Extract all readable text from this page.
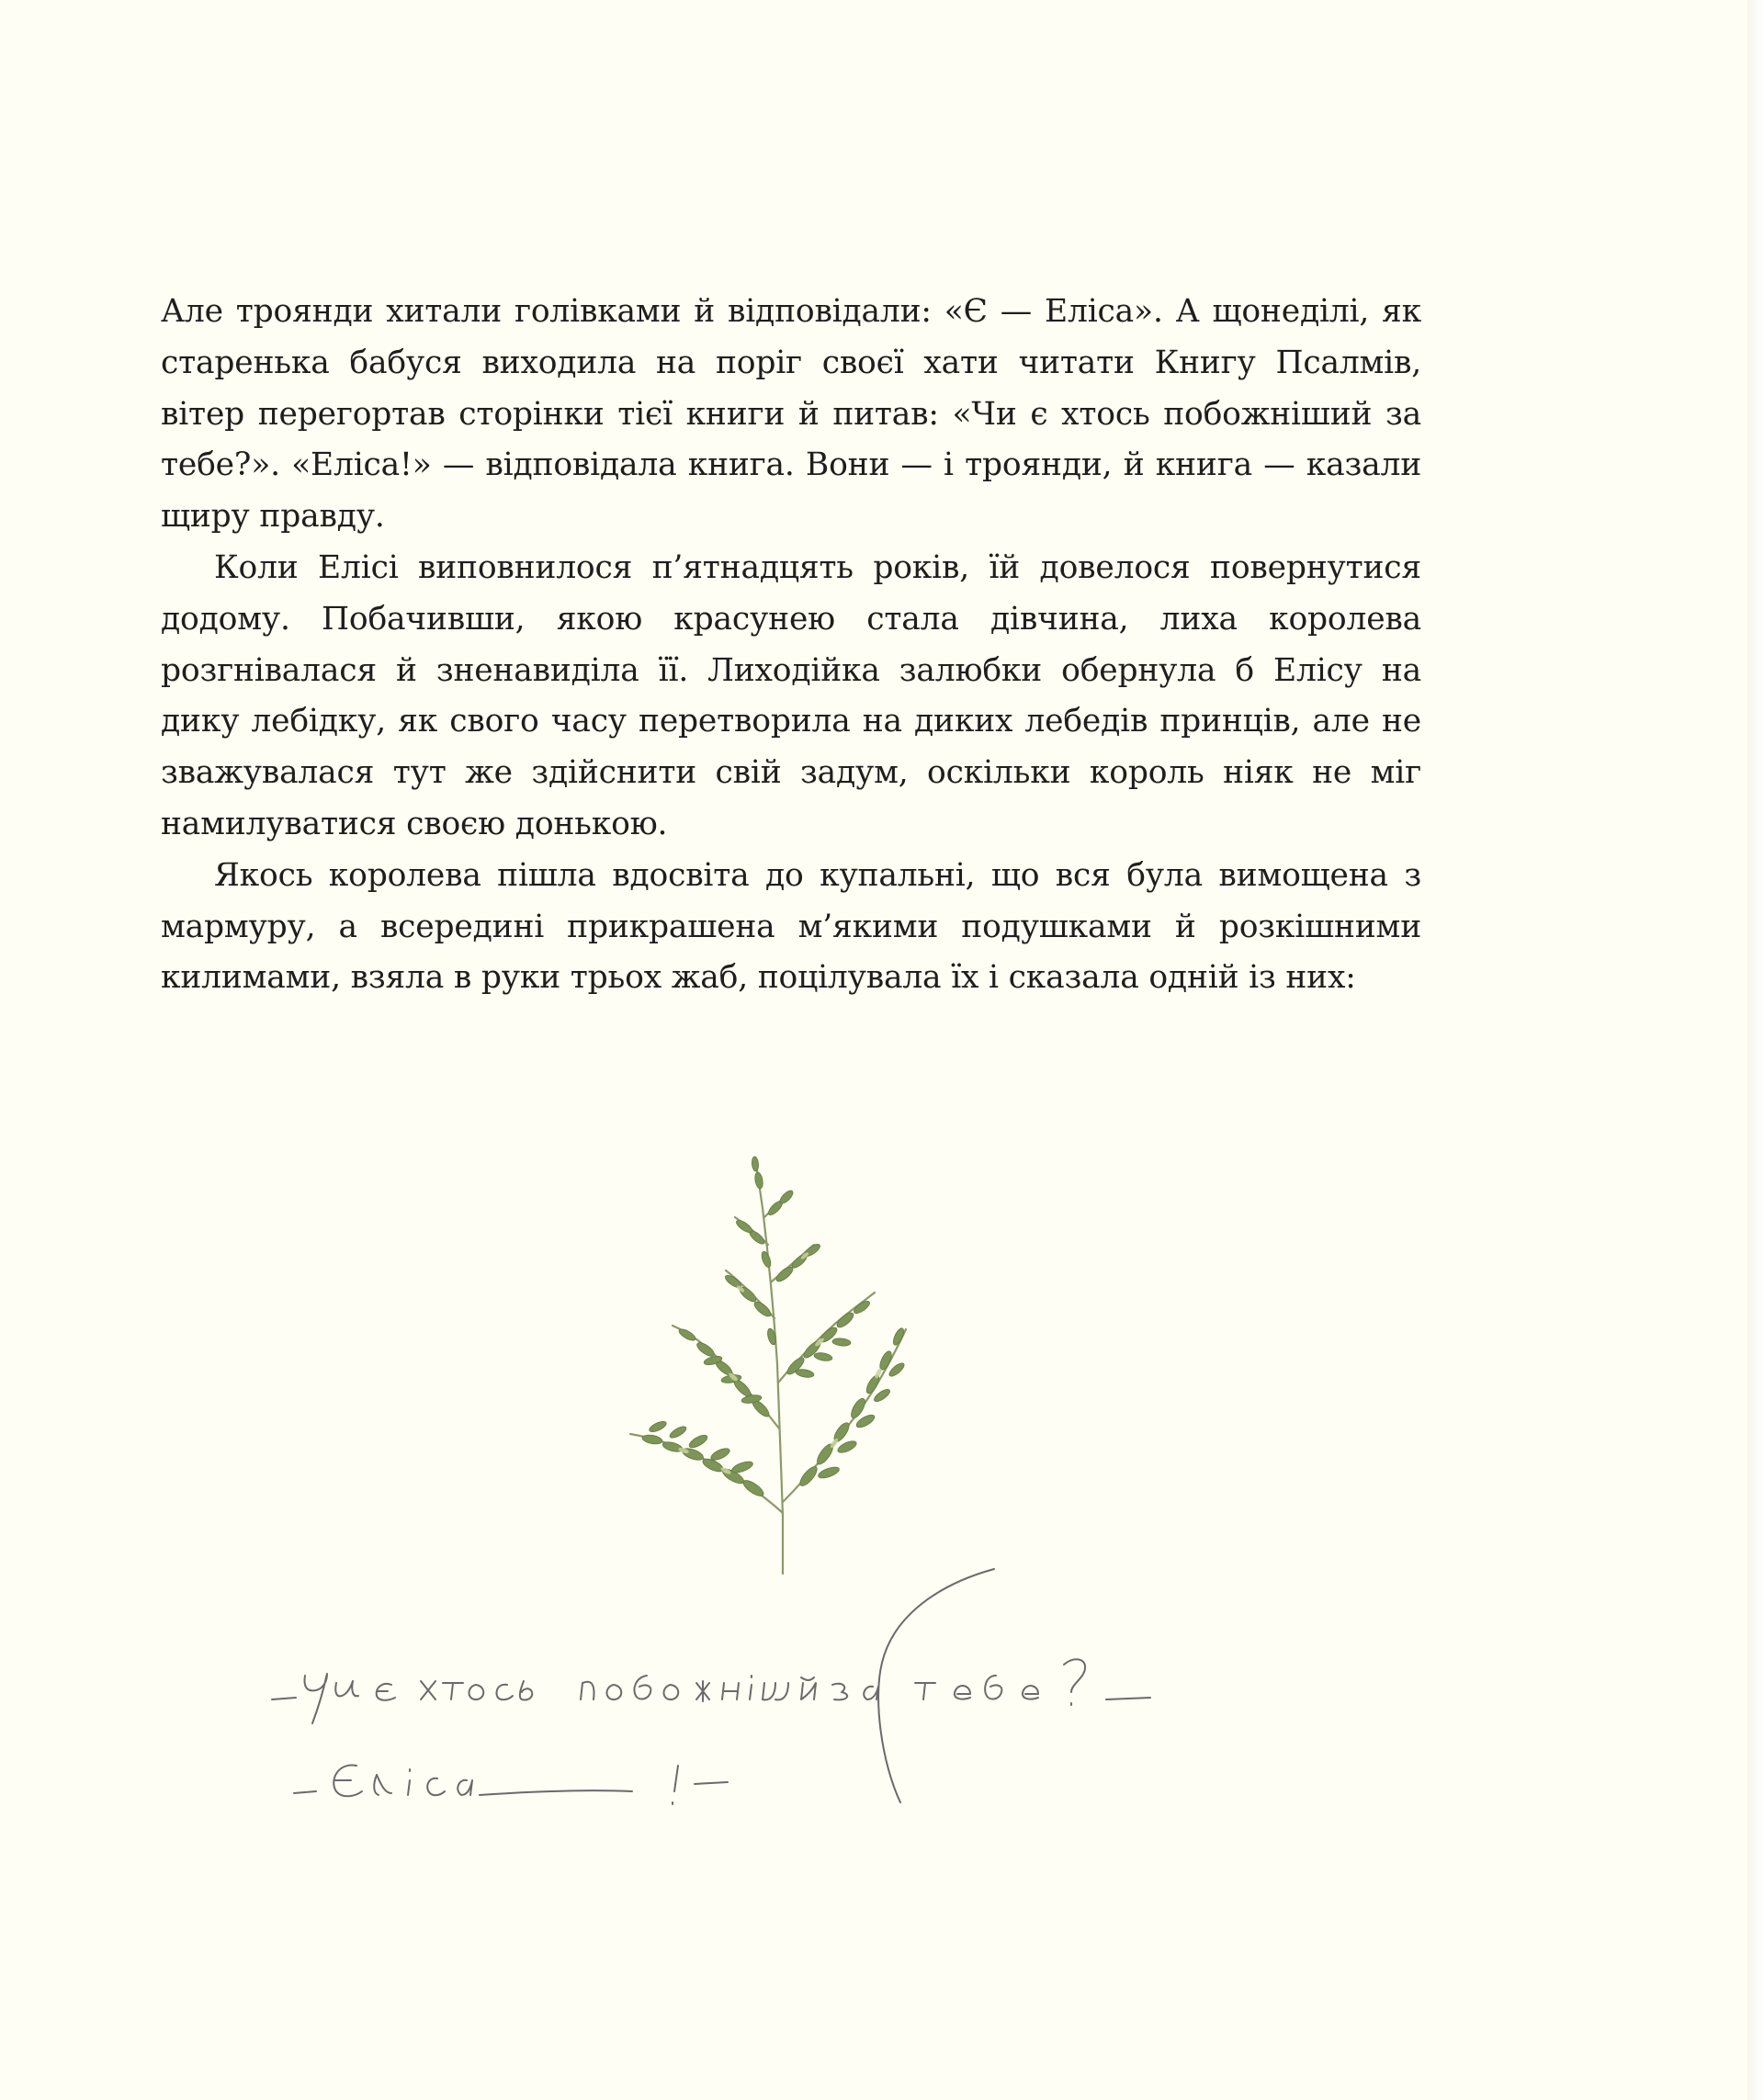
Але троянди хитали голівками й відповідали: «Є — Еліса». А щонеділі, як старенька бабуся виходила на поріг своєї хати читати Книгу Псалмів, вітер перегортав сторінки тієї книги й питав: «Чи є хтось побожніший за тебе?». «Еліса!» — відповідала книга. Вони — і троянди, й книга — казали щиру правду.

Коли Елісі виповнилося п’ятнадцять років, їй довелося повернутися додому. Побачивши, якою красунею стала дівчина, лиха королева розгнівалася й зненавиділа її. Лиходійка залюбки обернула б Елісу на дику лебідку, як свого часу перетворила на диких лебедів принців, але не зважувалася тут же здійснити свій задум, оскільки король ніяк не міг намилуватися своєю донькою.

Якось королева пішла вдосвіта до купальні, що вся була вимощена з мармуру, а всередині прикрашена м’якими подушками й розкішними килимами, взяла в руки трьох жаб, поцілувала їх і сказала одній із них:
